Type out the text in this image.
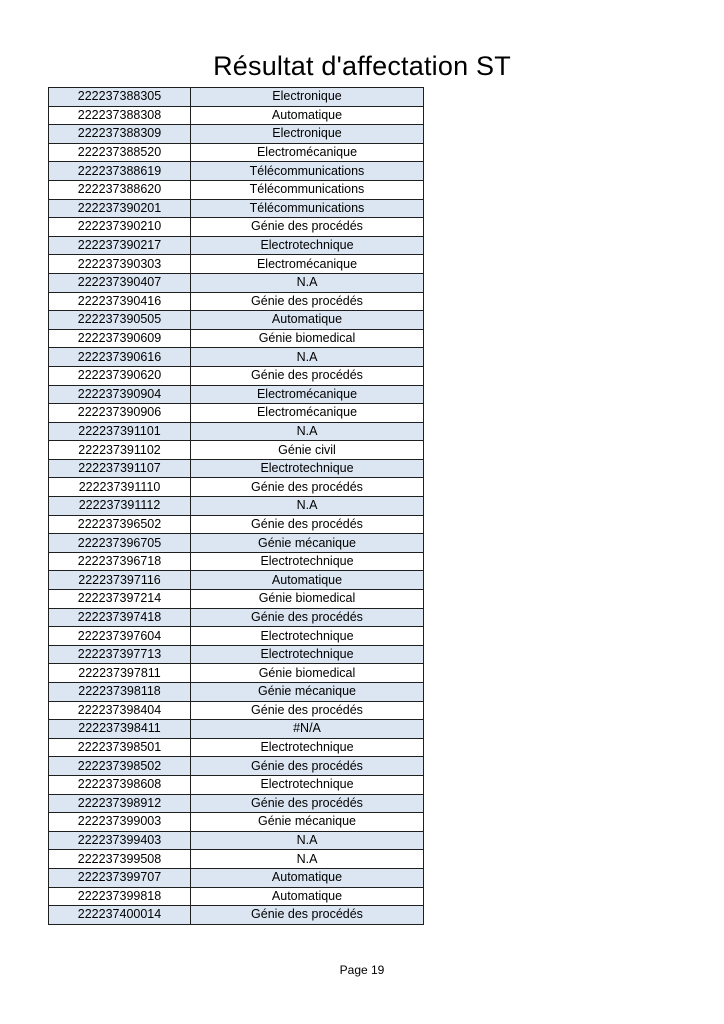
Résultat d'affectation ST
222237388305	Electronique
222237388308	Automatique
222237388309	Electronique
222237388520	Electromécanique
222237388619	Télécommunications
222237388620	Télécommunications
222237390201	Télécommunications
222237390210	Génie des procédés
222237390217	Electrotechnique
222237390303	Electromécanique
222237390407	N.A
222237390416	Génie des procédés
222237390505	Automatique
222237390609	Génie biomedical
222237390616	N.A
222237390620	Génie des procédés
222237390904	Electromécanique
222237390906	Electromécanique
222237391101	N.A
222237391102	Génie civil
222237391107	Electrotechnique
222237391110	Génie des procédés
222237391112	N.A
222237396502	Génie des procédés
222237396705	Génie mécanique
222237396718	Electrotechnique
222237397116	Automatique
222237397214	Génie biomedical
222237397418	Génie des procédés
222237397604	Electrotechnique
222237397713	Electrotechnique
222237397811	Génie biomedical
222237398118	Génie mécanique
222237398404	Génie des procédés
222237398411	#N/A
222237398501	Electrotechnique
222237398502	Génie des procédés
222237398608	Electrotechnique
222237398912	Génie des procédés
222237399003	Génie mécanique
222237399403	N.A
222237399508	N.A
222237399707	Automatique
222237399818	Automatique
222237400014	Génie des procédés
Page 19
